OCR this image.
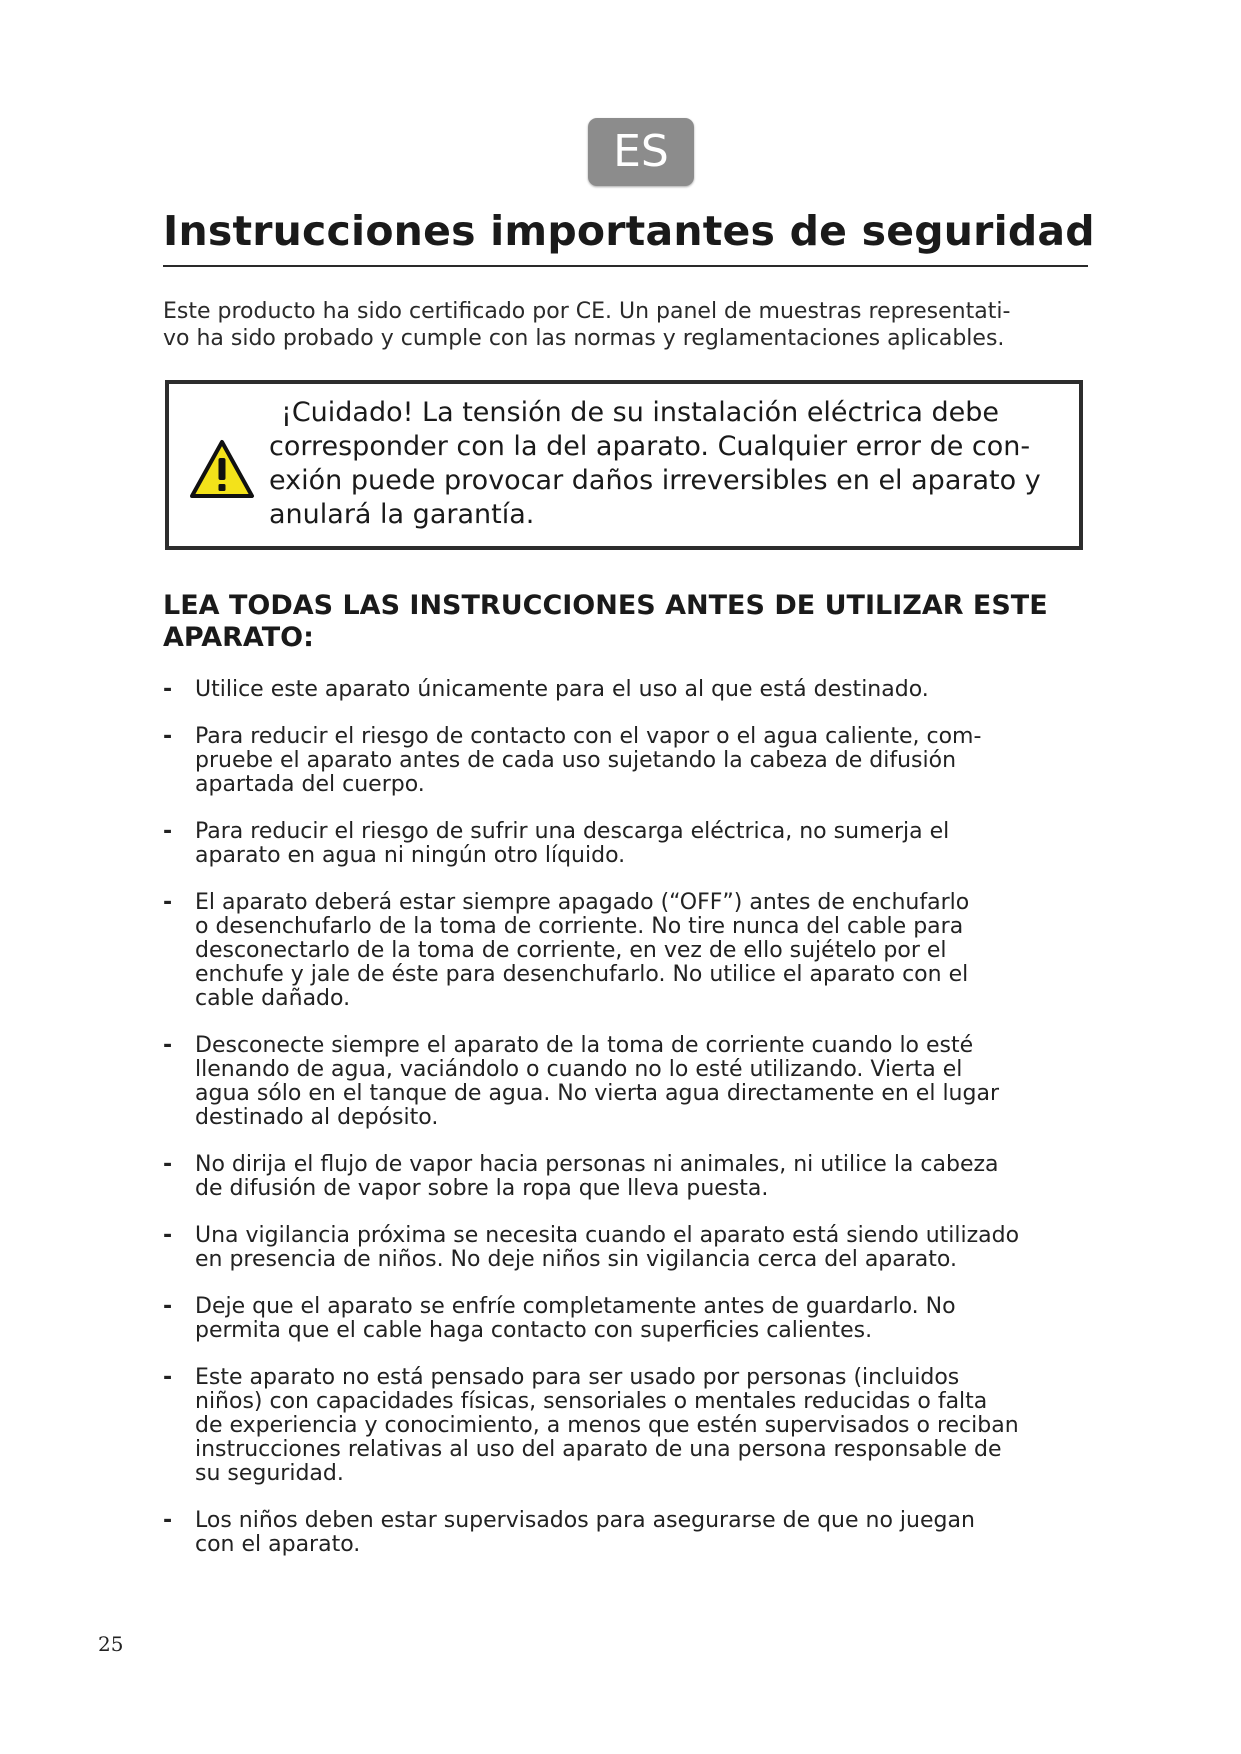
ES
Instrucciones importantes de seguridad

Este producto ha sido certificado por CE. Un panel de muestras representati-
vo ha sido probado y cumple con las normas y reglamentaciones aplicables.

¡Cuidado! La tensión de su instalación eléctrica debe
corresponder con la del aparato. Cualquier error de con-
exión puede provocar daños irreversibles en el aparato y
anulará la garantía.

LEA TODAS LAS INSTRUCCIONES ANTES DE UTILIZAR ESTE
APARATO:
-	Utilice este aparato únicamente para el uso al que está destinado.
-	Para reducir el riesgo de contacto con el vapor o el agua caliente, com-
pruebe el aparato antes de cada uso sujetando la cabeza de difusión
apartada del cuerpo.
-	Para reducir el riesgo de sufrir una descarga eléctrica, no sumerja el
aparato en agua ni ningún otro líquido.
-	El aparato deberá estar siempre apagado (“OFF”) antes de enchufarlo
o desenchufarlo de la toma de corriente. No tire nunca del cable para
desconectarlo de la toma de corriente, en vez de ello sujételo por el
enchufe y jale de éste para desenchufarlo. No utilice el aparato con el
cable dañado.
-	Desconecte siempre el aparato de la toma de corriente cuando lo esté
llenando de agua, vaciándolo o cuando no lo esté utilizando. Vierta el
agua sólo en el tanque de agua. No vierta agua directamente en el lugar
destinado al depósito.
-	No dirija el flujo de vapor hacia personas ni animales, ni utilice la cabeza
de difusión de vapor sobre la ropa que lleva puesta.
-	Una vigilancia próxima se necesita cuando el aparato está siendo utilizado
en presencia de niños. No deje niños sin vigilancia cerca del aparato.
-	Deje que el aparato se enfríe completamente antes de guardarlo. No
permita que el cable haga contacto con superficies calientes.
-	Este aparato no está pensado para ser usado por personas (incluidos
niños) con capacidades físicas, sensoriales o mentales reducidas o falta
de experiencia y conocimiento, a menos que estén supervisados o reciban
instrucciones relativas al uso del aparato de una persona responsable de
su seguridad.
-	Los niños deben estar supervisados para asegurarse de que no juegan
con el aparato.

25
